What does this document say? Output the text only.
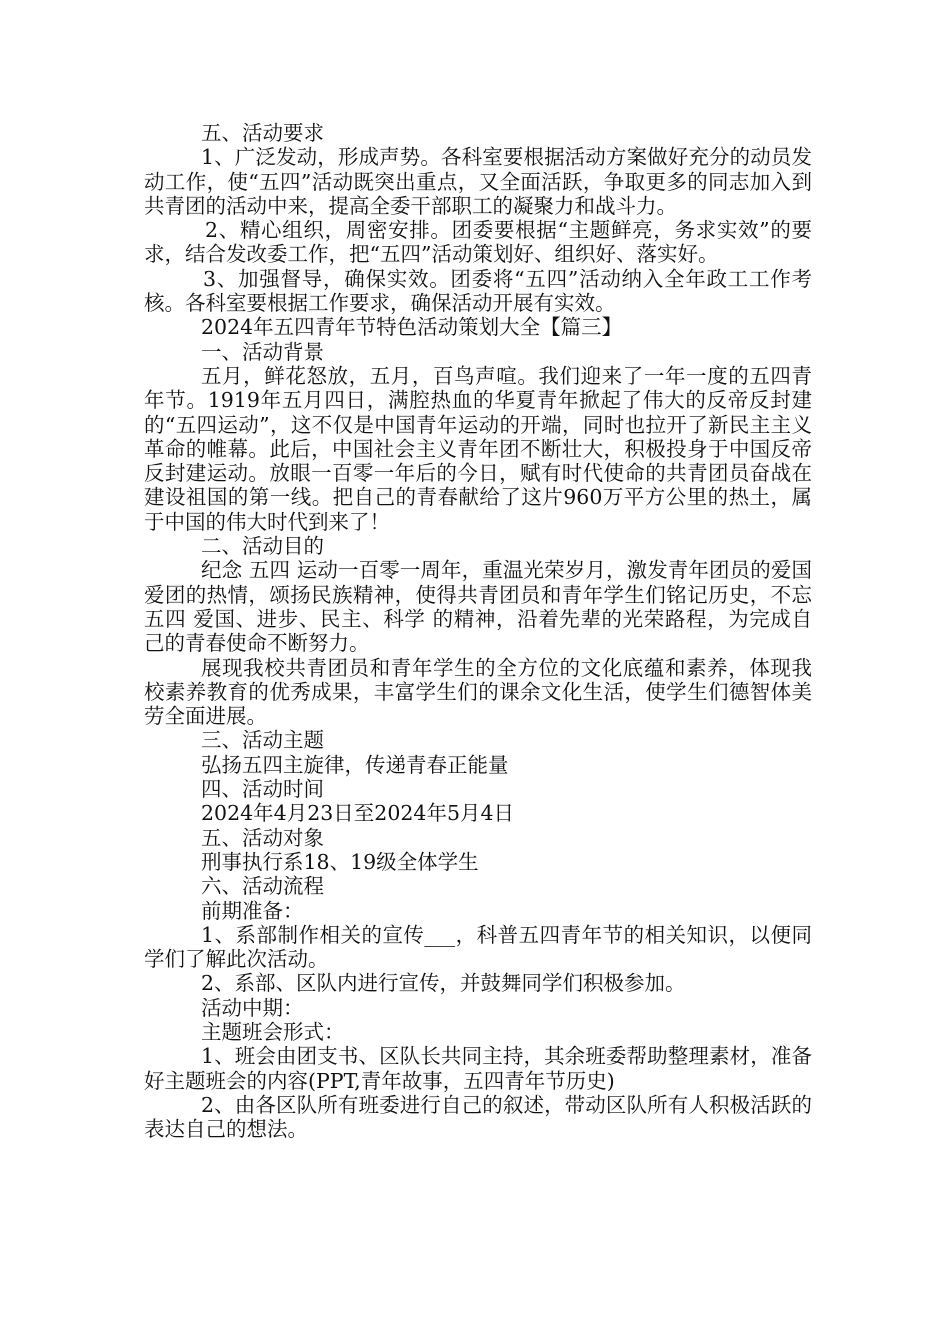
五、活动要求

1、广泛发动，形成声势。各科室要根据活动方案做好充分的动员发动工作，使“五四”活动既突出重点，又全面活跃，争取更多的同志加入到共青团的活动中来，提高全委干部职工的凝聚力和战斗力。

2、精心组织，周密安排。团委要根据“主题鲜亮，务求实效”的要求，结合发改委工作，把“五四”活动策划好、组织好、落实好。

3、加强督导，确保实效。团委将“五四”活动纳入全年政工工作考核。各科室要根据工作要求，确保活动开展有实效。

2024年五四青年节特色活动策划大全【篇三】

一、活动背景

五月，鲜花怒放，五月，百鸟声喧。我们迎来了一年一度的五四青年节。1919年五月四日，满腔热血的华夏青年掀起了伟大的反帝反封建的“五四运动”，这不仅是中国青年运动的开端，同时也拉开了新民主主义革命的帷幕。此后，中国社会主义青年团不断壮大，积极投身于中国反帝反封建运动。放眼一百零一年后的今日，赋有时代使命的共青团员奋战在建设祖国的第一线。把自己的青春献给了这片960万平方公里的热土，属于中国的伟大时代到来了！

二、活动目的

纪念 五四 运动一百零一周年，重温光荣岁月，激发青年团员的爱国爱团的热情，颂扬民族精神，使得共青团员和青年学生们铭记历史，不忘五四 爱国、进步、民主、科学 的精神，沿着先辈的光荣路程，为完成自己的青春使命不断努力。

展现我校共青团员和青年学生的全方位的文化底蕴和素养，体现我校素养教育的优秀成果，丰富学生们的课余文化生活，使学生们德智体美劳全面进展。

三、活动主题

弘扬五四主旋律，传递青春正能量

四、活动时间

2024年4月23日至2024年5月4日

五、活动对象

刑事执行系18、19级全体学生

六、活动流程

前期准备：

1、系部制作相关的宣传___，科普五四青年节的相关知识，以便同学们了解此次活动。

2、系部、区队内进行宣传，并鼓舞同学们积极参加。

活动中期：

主题班会形式：

1、班会由团支书、区队长共同主持，其余班委帮助整理素材，准备好主题班会的内容(PPT,青年故事，五四青年节历史)

2、由各区队所有班委进行自己的叙述，带动区队所有人积极活跃的表达自己的想法。
